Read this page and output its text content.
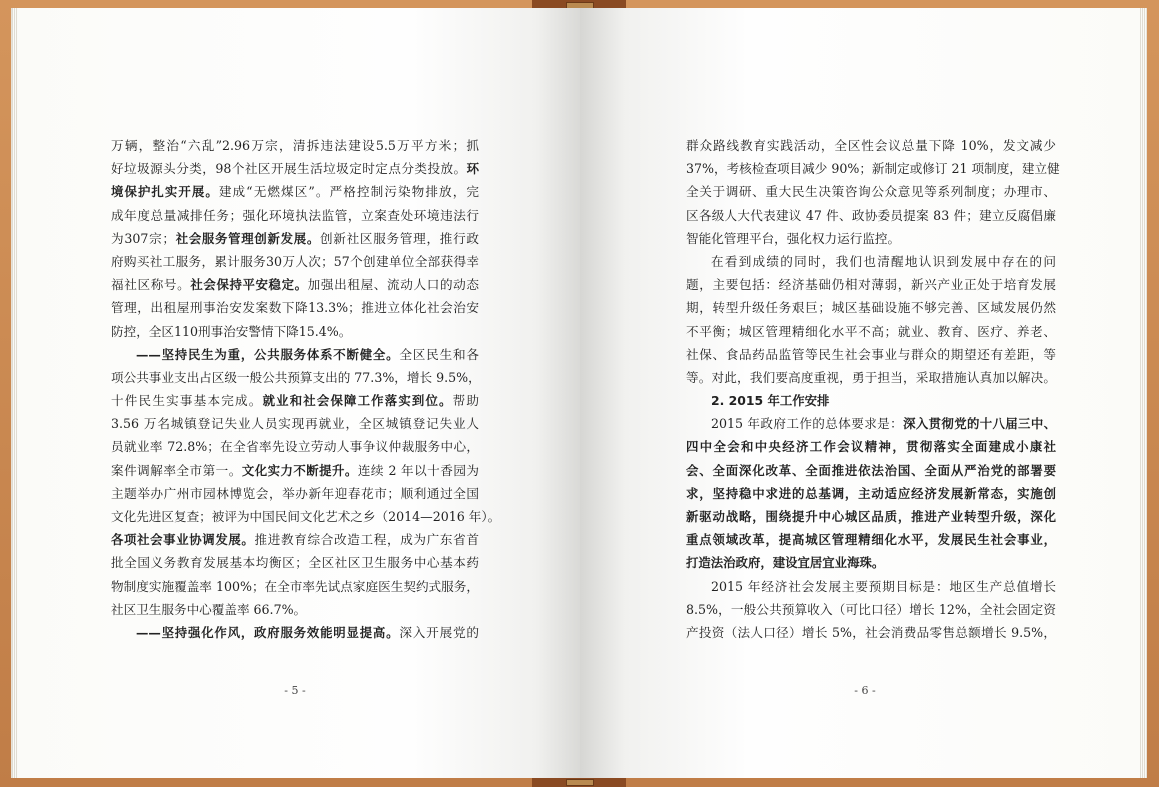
万辆，整治“六乱”2.96万宗，清拆违法建设5.5万平方米；抓
好垃圾源头分类，98个社区开展生活垃圾定时定点分类投放。环
境保护扎实开展。建成“无燃煤区”。严格控制污染物排放，完
成年度总量减排任务；强化环境执法监管，立案查处环境违法行
为307宗；社会服务管理创新发展。创新社区服务管理，推行政
府购买社工服务，累计服务30万人次；57个创建单位全部获得幸
福社区称号。社会保持平安稳定。加强出租屋、流动人口的动态
管理，出租屋刑事治安发案数下降13.3%；推进立体化社会治安
防控，全区110刑事治安警情下降15.4%。
——坚持民生为重，公共服务体系不断健全。全区民生和各
项公共事业支出占区级一般公共预算支出的 77.3%，增长 9.5%，
十件民生实事基本完成。就业和社会保障工作落实到位。帮助
3.56 万名城镇登记失业人员实现再就业，全区城镇登记失业人
员就业率 72.8%；在全省率先设立劳动人事争议仲裁服务中心，
案件调解率全市第一。文化实力不断提升。连续 2 年以十香园为
主题举办广州市园林博览会，举办新年迎春花市；顺利通过全国
文化先进区复查；被评为中国民间文化艺术之乡（2014—2016 年）。
各项社会事业协调发展。推进教育综合改造工程，成为广东省首
批全国义务教育发展基本均衡区；全区社区卫生服务中心基本药
物制度实施覆盖率 100%；在全市率先试点家庭医生契约式服务，
社区卫生服务中心覆盖率 66.7%。
——坚持强化作风，政府服务效能明显提高。深入开展党的
- 5 -
群众路线教育实践活动，全区性会议总量下降 10%，发文减少
37%，考核检查项目减少 90%；新制定或修订 21 项制度，建立健
全关于调研、重大民生决策咨询公众意见等系列制度；办理市、
区各级人大代表建议 47 件、政协委员提案 83 件；建立反腐倡廉
智能化管理平台，强化权力运行监控。
在看到成绩的同时，我们也清醒地认识到发展中存在的问
题，主要包括：经济基础仍相对薄弱，新兴产业正处于培育发展
期，转型升级任务艰巨；城区基础设施不够完善、区域发展仍然
不平衡；城区管理精细化水平不高；就业、教育、医疗、养老、
社保、食品药品监管等民生社会事业与群众的期望还有差距，等
等。对此，我们要高度重视，勇于担当，采取措施认真加以解决。
2. 2015 年工作安排
2015 年政府工作的总体要求是：深入贯彻党的十八届三中、
四中全会和中央经济工作会议精神，贯彻落实全面建成小康社
会、全面深化改革、全面推进依法治国、全面从严治党的部署要
求，坚持稳中求进的总基调，主动适应经济发展新常态，实施创
新驱动战略，围绕提升中心城区品质，推进产业转型升级，深化
重点领域改革，提高城区管理精细化水平，发展民生社会事业，
打造法治政府，建设宜居宜业海珠。
2015 年经济社会发展主要预期目标是：地区生产总值增长
8.5%，一般公共预算收入（可比口径）增长 12%，全社会固定资
产投资（法人口径）增长 5%，社会消费品零售总额增长 9.5%，
- 6 -
